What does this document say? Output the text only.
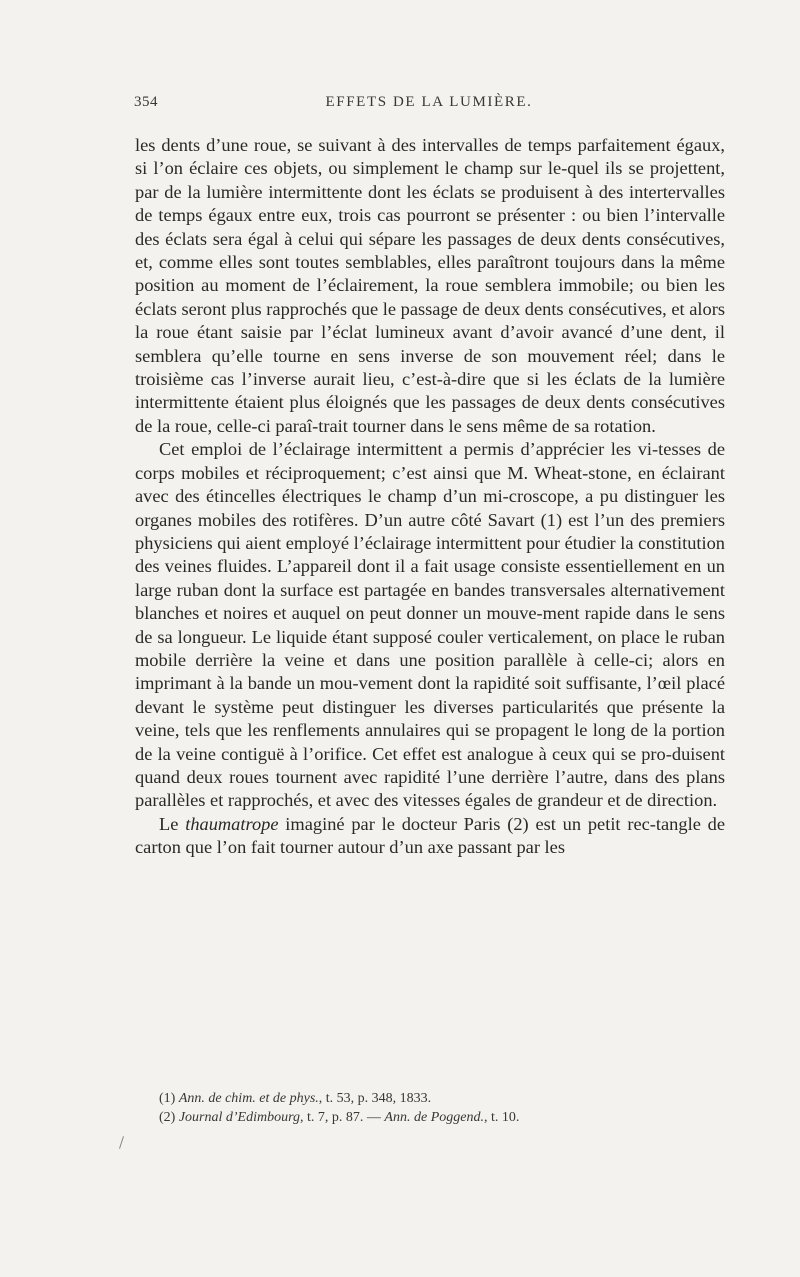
354	EFFETS DE LA LUMIÈRE.

les dents d’une roue, se suivant à des intervalles de temps parfaitement égaux, si l’on éclaire ces objets, ou simplement le champ sur le-quel ils se projettent, par de la lumière intermittente dont les éclats se produisent à des intertervalles de temps égaux entre eux, trois cas pourront se présenter : ou bien l’intervalle des éclats sera égal à celui qui sépare les passages de deux dents consécutives, et, comme elles sont toutes semblables, elles paraîtront toujours dans la même position au moment de l’éclairement, la roue semblera immobile; ou bien les éclats seront plus rapprochés que le passage de deux dents consécutives, et alors la roue étant saisie par l’éclat lumineux avant d’avoir avancé d’une dent, il semblera qu’elle tourne en sens inverse de son mouvement réel; dans le troisième cas l’inverse aurait lieu, c’est-à-dire que si les éclats de la lumière intermittente étaient plus éloignés que les passages de deux dents consécutives de la roue, celle-ci paraî-trait tourner dans le sens même de sa rotation.

Cet emploi de l’éclairage intermittent a permis d’apprécier les vi-tesses de corps mobiles et réciproquement; c’est ainsi que M. Wheat-stone, en éclairant avec des étincelles électriques le champ d’un mi-croscope, a pu distinguer les organes mobiles des rotifères. D’un autre côté Savart (1) est l’un des premiers physiciens qui aient employé l’éclairage intermittent pour étudier la constitution des veines fluides. L’appareil dont il a fait usage consiste essentiellement en un large ruban dont la surface est partagée en bandes transversales alternativement blanches et noires et auquel on peut donner un mouve-ment rapide dans le sens de sa longueur. Le liquide étant supposé couler verticalement, on place le ruban mobile derrière la veine et dans une position parallèle à celle-ci; alors en imprimant à la bande un mou-vement dont la rapidité soit suffisante, l’œil placé devant le système peut distinguer les diverses particularités que présente la veine, tels que les renflements annulaires qui se propagent le long de la portion de la veine contiguë à l’orifice. Cet effet est analogue à ceux qui se pro-duisent quand deux roues tournent avec rapidité l’une derrière l’autre, dans des plans parallèles et rapprochés, et avec des vitesses égales de grandeur et de direction.

Le thaumatrope imaginé par le docteur Paris (2) est un petit rec-tangle de carton que l’on fait tourner autour d’un axe passant par les

(1) Ann. de chim. et de phys., t. 53, p. 348, 1833.

(2) Journal d’Edimbourg, t. 7, p. 87. — Ann. de Poggend., t. 10.
